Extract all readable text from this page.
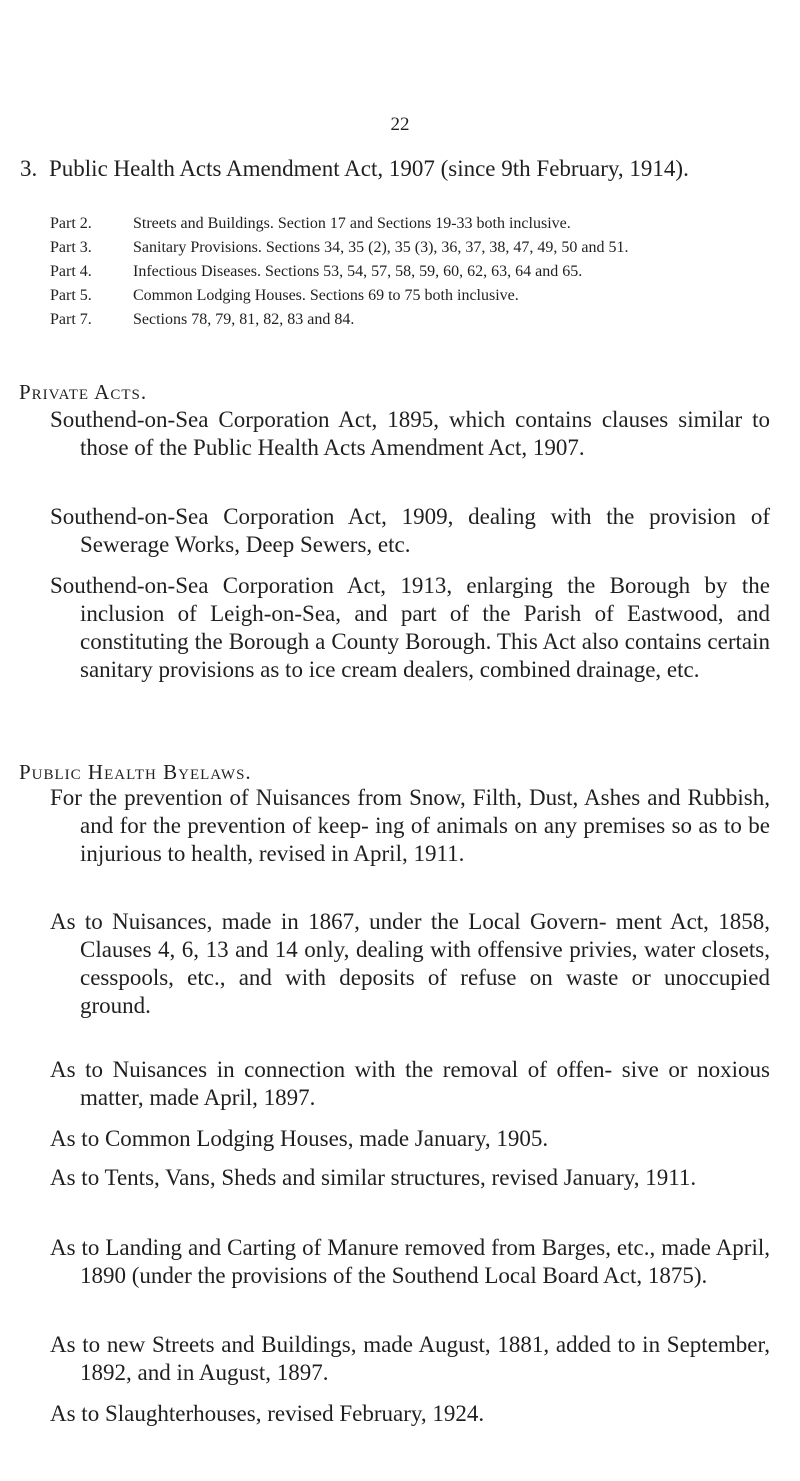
22
3. Public Health Acts Amendment Act, 1907 (since 9th February, 1914).
Part 2.	Streets and Buildings. Section 17 and Sections 19-33 both inclusive.
Part 3.	Sanitary Provisions. Sections 34, 35 (2), 35 (3), 36, 37, 38, 47, 49, 50 and 51.
Part 4.	Infectious Diseases. Sections 53, 54, 57, 58, 59, 60, 62, 63, 64 and 65.
Part 5.	Common Lodging Houses. Sections 69 to 75 both inclusive.
Part 7.	Sections 78, 79, 81, 82, 83 and 84.
Private Acts.
Southend-on-Sea Corporation Act, 1895, which contains clauses similar to those of the Public Health Acts Amendment Act, 1907.
Southend-on-Sea Corporation Act, 1909, dealing with the provision of Sewerage Works, Deep Sewers, etc.
Southend-on-Sea Corporation Act, 1913, enlarging the Borough by the inclusion of Leigh-on-Sea, and part of the Parish of Eastwood, and constituting the Borough a County Borough. This Act also contains certain sanitary provisions as to ice cream dealers, combined drainage, etc.
Public Health Byelaws.
For the prevention of Nuisances from Snow, Filth, Dust, Ashes and Rubbish, and for the prevention of keep- ing of animals on any premises so as to be injurious to health, revised in April, 1911.
As to Nuisances, made in 1867, under the Local Govern- ment Act, 1858, Clauses 4, 6, 13 and 14 only, dealing with offensive privies, water closets, cesspools, etc., and with deposits of refuse on waste or unoccupied ground.
As to Nuisances in connection with the removal of offen- sive or noxious matter, made April, 1897.
As to Common Lodging Houses, made January, 1905.
As to Tents, Vans, Sheds and similar structures, revised January, 1911.
As to Landing and Carting of Manure removed from Barges, etc., made April, 1890 (under the provisions of the Southend Local Board Act, 1875).
As to new Streets and Buildings, made August, 1881, added to in September, 1892, and in August, 1897.
As to Slaughterhouses, revised February, 1924.
